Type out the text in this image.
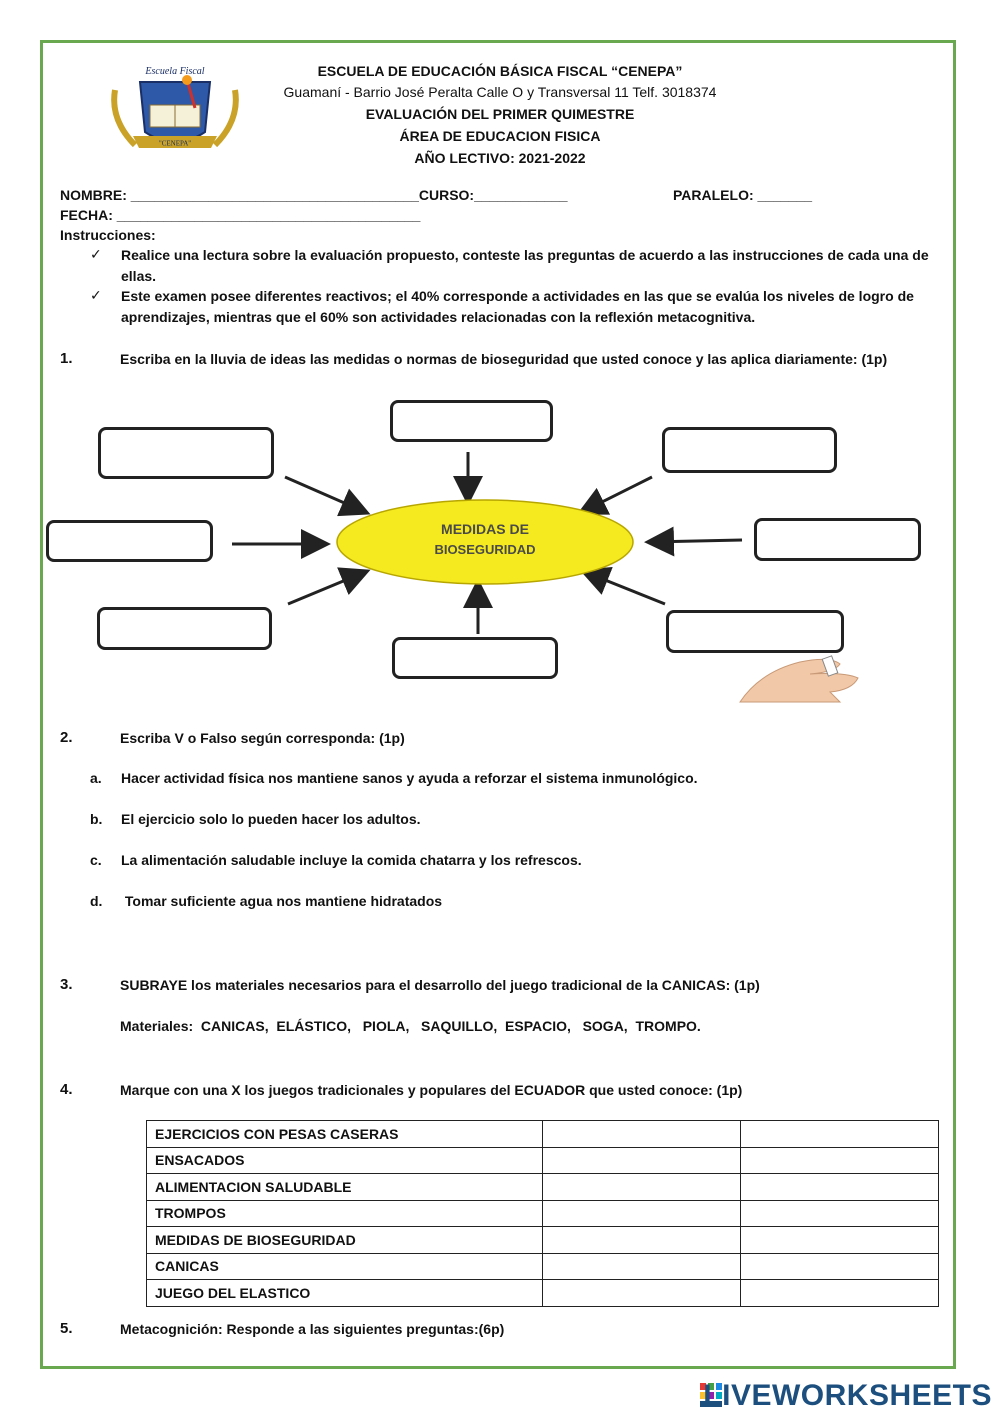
"CENEPA"
Escuela Fiscal	ESCUELA DE EDUCACIÓN BÁSICA FISCAL “CENEPA”
Guamaní - Barrio José Peralta Calle O y Transversal 11 Telf. 3018374
EVALUACIÓN DEL PRIMER QUIMESTRE
ÁREA DE EDUCACION FISICA
AÑO LECTIVO: 2021-2022
NOMBRE: _____________________________________CURSO:____________	PARALELO: _______
FECHA: _______________________________________
Instrucciones:
✓ Realice una lectura sobre la evaluación propuesto, conteste las preguntas de acuerdo a las instrucciones de cada una de ellas.
✓ Este examen posee diferentes reactivos; el 40% corresponde a actividades en las que se evalúa los niveles de logro de aprendizajes, mientras que el 60% son actividades relacionadas con la reflexión metacognitiva.
1.	Escriba en la lluvia de ideas las medidas o normas de bioseguridad que usted conoce y las aplica diariamente: (1p)
MEDIDAS DE
BIOSEGURIDAD
2.	Escriba V o Falso según corresponda: (1p)
a. Hacer actividad física nos mantiene sanos y ayuda a reforzar el sistema inmunológico.
b. El ejercicio solo lo pueden hacer los adultos.
c. La alimentación saludable incluye la comida chatarra y los refrescos.
d. Tomar suficiente agua nos mantiene hidratados
3.	SUBRAYE los materiales necesarios para el desarrollo del juego tradicional de la CANICAS: (1p)
Materiales:  CANICAS,  ELÁSTICO,   PIOLA,   SAQUILLO,  ESPACIO,   SOGA,  TROMPO.
4.	Marque con una X los juegos tradicionales y populares del ECUADOR que usted conoce: (1p)
EJERCICIOS CON PESAS CASERAS		
ENSACADOS		
ALIMENTACION SALUDABLE		
TROMPOS		
MEDIDAS DE BIOSEGURIDAD		
CANICAS		
JUEGO DEL ELASTICO		
5.	Metacognición: Responde a las siguientes preguntas:(6p)
LIVEWORKSHEETS
